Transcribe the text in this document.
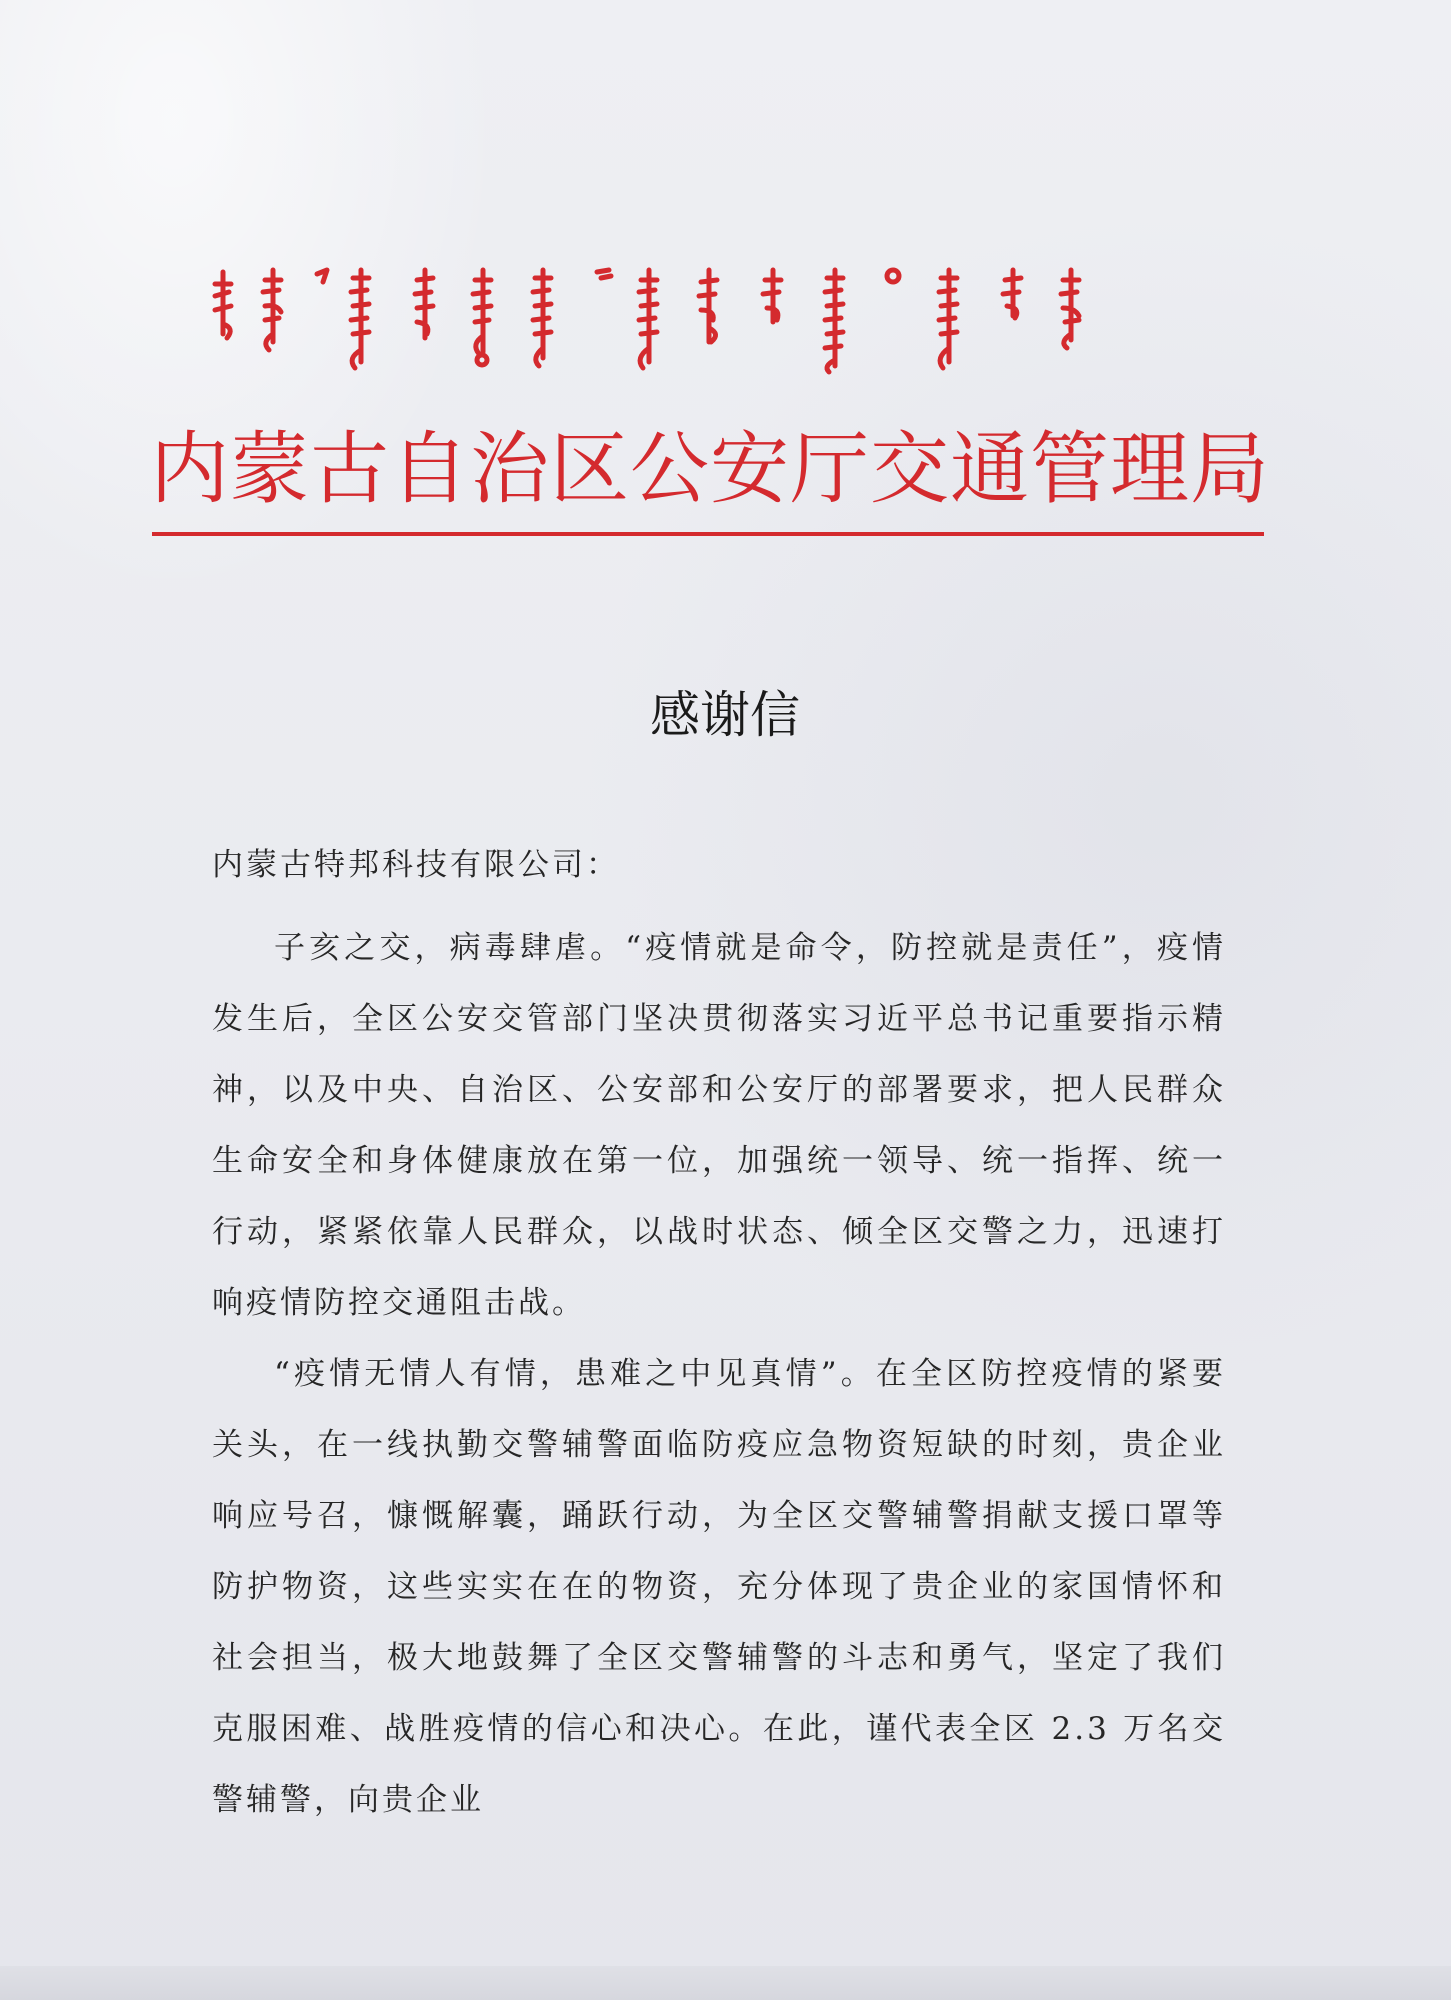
内蒙古自治区公安厅交通管理局
感谢信

内蒙古特邦科技有限公司：

子亥之交，病毒肆虐。“疫情就是命令，防控就是责任”，疫情发生后，全区公安交管部门坚决贯彻落实习近平总书记重要指示精神，以及中央、自治区、公安部和公安厅的部署要求，把人民群众生命安全和身体健康放在第一位，加强统一领导、统一指挥、统一行动，紧紧依靠人民群众，以战时状态、倾全区交警之力，迅速打响疫情防控交通阻击战。

“疫情无情人有情，患难之中见真情”。在全区防控疫情的紧要关头，在一线执勤交警辅警面临防疫应急物资短缺的时刻，贵企业响应号召，慷慨解囊，踊跃行动，为全区交警辅警捐献支援口罩等防护物资，这些实实在在的物资，充分体现了贵企业的家国情怀和社会担当，极大地鼓舞了全区交警辅警的斗志和勇气，坚定了我们克服困难、战胜疫情的信心和决心。在此，谨代表全区 2.3 万名交警辅警，向贵企业
